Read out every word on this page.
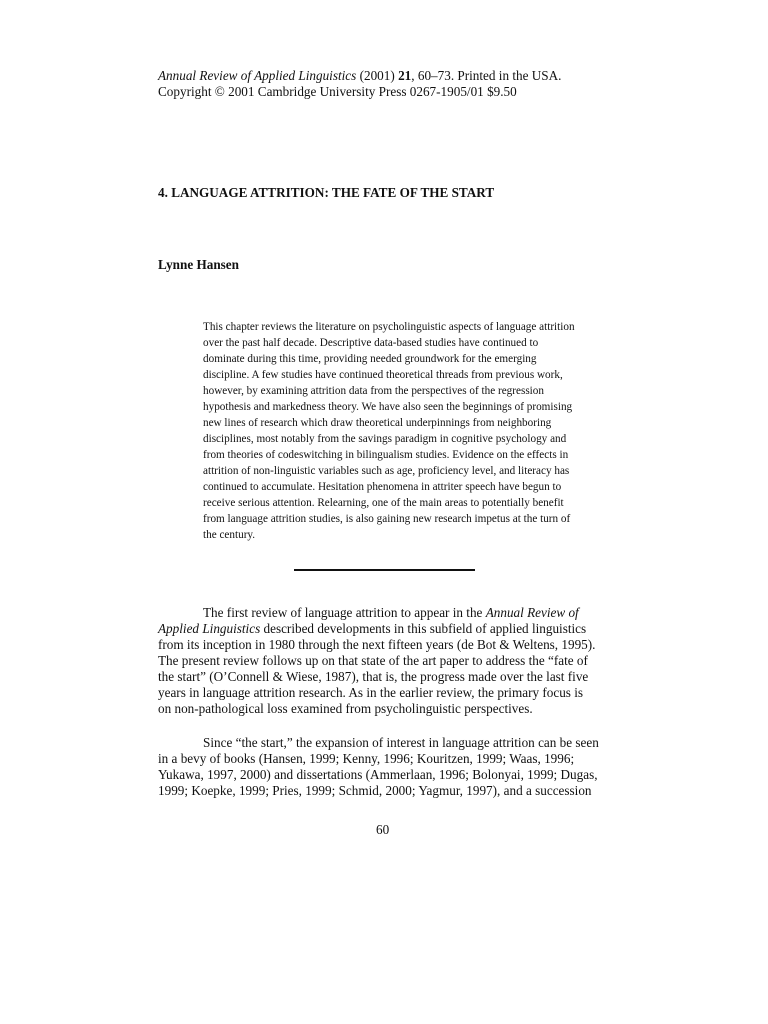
Annual Review of Applied Linguistics (2001) 21, 60–73. Printed in the USA.
Copyright © 2001 Cambridge University Press 0267-1905/01 $9.50
4. LANGUAGE ATTRITION: THE FATE OF THE START
Lynne Hansen
This chapter reviews the literature on psycholinguistic aspects of language attrition
over the past half decade. Descriptive data-based studies have continued to
dominate during this time, providing needed groundwork for the emerging
discipline. A few studies have continued theoretical threads from previous work,
however, by examining attrition data from the perspectives of the regression
hypothesis and markedness theory. We have also seen the beginnings of promising
new lines of research which draw theoretical underpinnings from neighboring
disciplines, most notably from the savings paradigm in cognitive psychology and
from theories of codeswitching in bilingualism studies. Evidence on the effects in
attrition of non-linguistic variables such as age, proficiency level, and literacy has
continued to accumulate. Hesitation phenomena in attriter speech have begun to
receive serious attention. Relearning, one of the main areas to potentially benefit
from language attrition studies, is also gaining new research impetus at the turn of
the century.
The first review of language attrition to appear in the Annual Review of
Applied Linguistics described developments in this subfield of applied linguistics
from its inception in 1980 through the next fifteen years (de Bot & Weltens, 1995).
The present review follows up on that state of the art paper to address the “fate of
the start” (O’Connell & Wiese, 1987), that is, the progress made over the last five
years in language attrition research. As in the earlier review, the primary focus is
on non-pathological loss examined from psycholinguistic perspectives.
Since “the start,” the expansion of interest in language attrition can be seen
in a bevy of books (Hansen, 1999; Kenny, 1996; Kouritzen, 1999; Waas, 1996;
Yukawa, 1997, 2000) and dissertations (Ammerlaan, 1996; Bolonyai, 1999; Dugas,
1999; Koepke, 1999; Pries, 1999; Schmid, 2000; Yagmur, 1997), and a succession
60
